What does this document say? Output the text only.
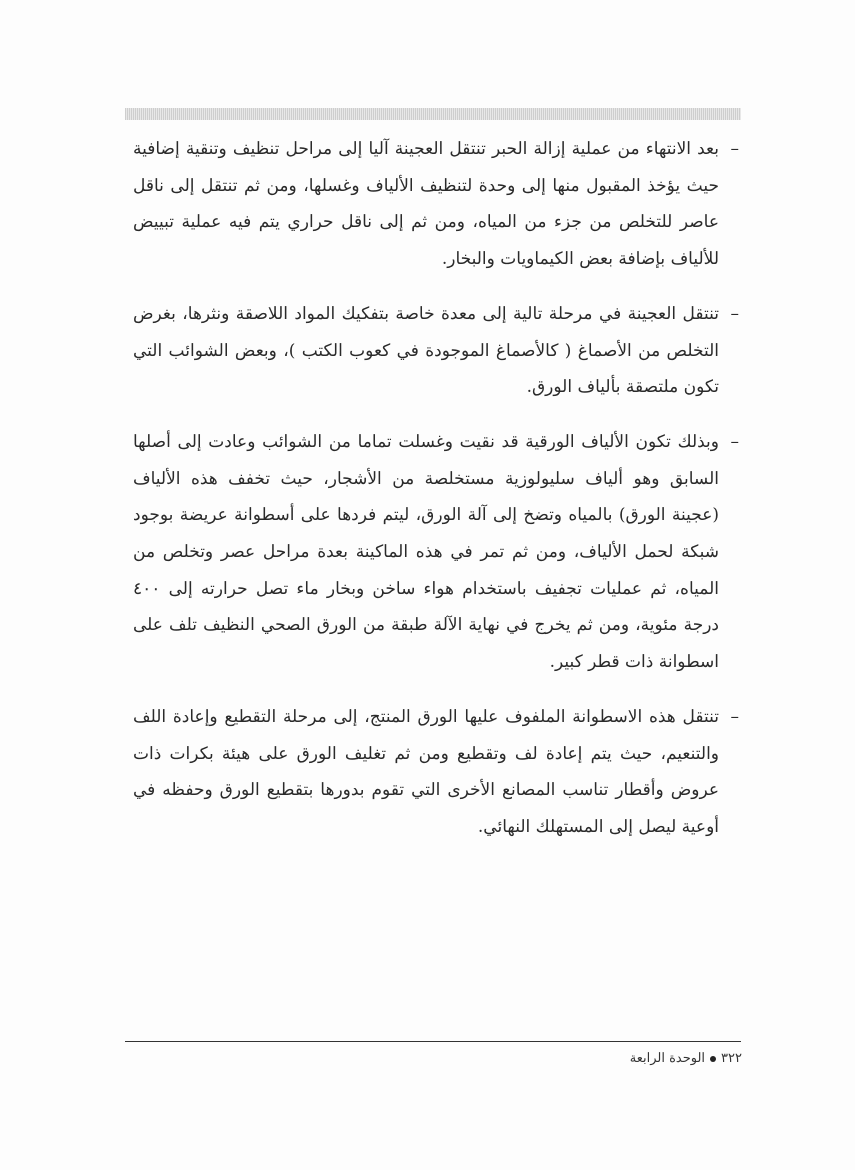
–
بعد الانتهاء من عملية إزالة الحبر تنتقل العجينة آليا إلى مراحل تنظيف وتنقية إضافية حيث يؤخذ المقبول منها إلى وحدة لتنظيف الألياف وغسلها، ومن ثم تنتقل إلى ناقل عاصر للتخلص من جزء من المياه، ومن ثم إلى ناقل حراري يتم فيه عملية تبييض للألياف بإضافة بعض الكيماويات والبخار.
–
تنتقل العجينة في مرحلة تالية إلى معدة خاصة بتفكيك المواد اللاصقة ونثرها، بغرض التخلص من الأصماغ ( كالأصماغ الموجودة في كعوب الكتب )، وبعض الشوائب التي تكون ملتصقة بألياف الورق.
–
وبذلك تكون الألياف الورقية قد نقيت وغسلت تماما من الشوائب وعادت إلى أصلها السابق وهو ألياف سليولوزية مستخلصة من الأشجار، حيث تخفف هذه الألياف (عجينة الورق) بالمياه وتضخ إلى آلة الورق، ليتم فردها على أسطوانة عريضة بوجود شبكة لحمل الألياف، ومن ثم تمر في هذه الماكينة بعدة مراحل عصر وتخلص من المياه، ثم عمليات تجفيف باستخدام هواء ساخن وبخار ماء تصل حرارته إلى ٤٠٠ درجة مئوية، ومن ثم يخرج في نهاية الآلة طبقة من الورق الصحي النظيف تلف على اسطوانة ذات قطر كبير.
–
تنتقل هذه الاسطوانة الملفوف عليها الورق المنتج، إلى مرحلة التقطيع وإعادة اللف والتنعيم، حيث يتم إعادة لف وتقطيع ومن ثم تغليف الورق على هيئة بكرات ذات عروض وأقطار تناسب المصانع الأخرى التي تقوم بدورها بتقطيع الورق وحفظه في أوعية ليصل إلى المستهلك النهائي.
٣٢٢
الوحدة الرابعة
